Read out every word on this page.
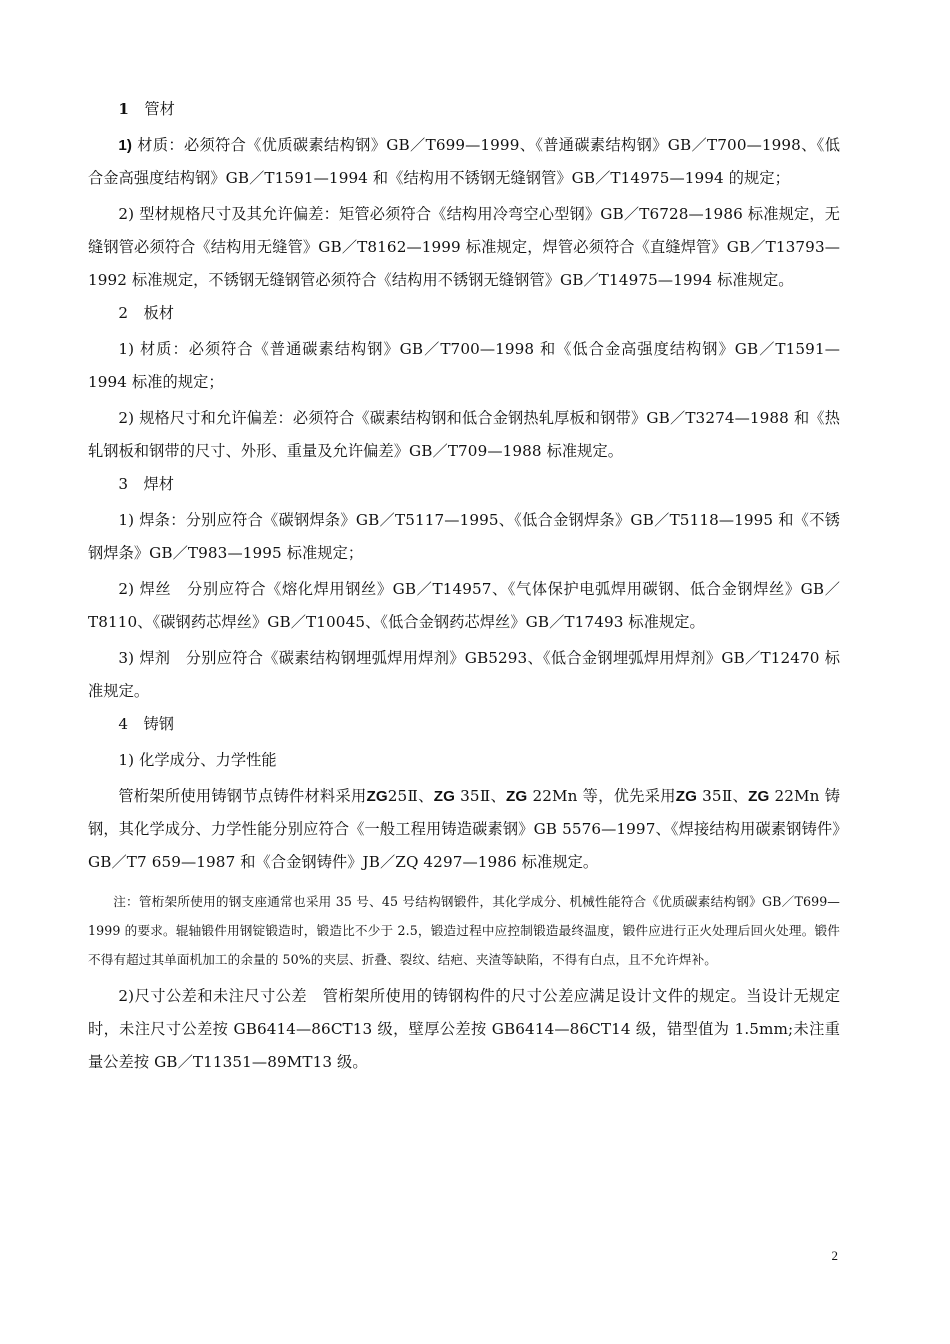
1　 管材

1) 材质：必须符合《优质碳素结构钢》GB／T699—1999、《普通碳素结构钢》GB／T700—1998、《低合金高强度结构钢》GB／T1591—1994 和《结构用不锈钢无缝钢管》GB／T14975—1994 的规定；

2) 型材规格尺寸及其允许偏差：矩管必须符合《结构用冷弯空心型钢》GB／T6728—1986 标准规定，无缝钢管必须符合《结构用无缝管》GB／T8162—1999 标准规定，焊管必须符合《直缝焊管》GB／T13793—1992 标准规定，不锈钢无缝钢管必须符合《结构用不锈钢无缝钢管》GB／T14975—1994 标准规定。

2　板材

1) 材质：必须符合《普通碳素结构钢》GB／T700—1998 和《低合金高强度结构钢》GB／T1591—1994 标准的规定；

2) 规格尺寸和允许偏差：必须符合《碳素结构钢和低合金钢热轧厚板和钢带》GB／T3274—1988 和《热轧钢板和钢带的尺寸、外形、重量及允许偏差》GB／T709—1988 标准规定。

3　焊材

1) 焊条：分别应符合《碳钢焊条》GB／T5117—1995、《低合金钢焊条》GB／T5118—1995 和《不锈钢焊条》GB／T983—1995 标准规定；

2) 焊丝　分别应符合《熔化焊用钢丝》GB／T14957、《气体保护电弧焊用碳钢、低合金钢焊丝》GB／T8110、《碳钢药芯焊丝》GB／T10045、《低合金钢药芯焊丝》GB／T17493 标准规定。

3) 焊剂　分别应符合《碳素结构钢埋弧焊用焊剂》GB5293、《低合金钢埋弧焊用焊剂》GB／T12470 标准规定。

4　铸钢

1) 化学成分、力学性能

管桁架所使用铸钢节点铸件材料采用ZG25Ⅱ、ZG 35Ⅱ、ZG 22Mn 等，优先采用ZG 35Ⅱ、ZG 22Mn 铸钢，其化学成分、力学性能分别应符合《一般工程用铸造碳素钢》GB 5576—1997、《焊接结构用碳素钢铸件》GB／T7 659—1987 和《合金钢铸件》JB／ZQ 4297—1986 标准规定。

注：管桁架所使用的钢支座通常也采用 35 号、45 号结构钢锻件，其化学成分、机械性能符合《优质碳素结构钢》GB／T699—1999 的要求。辊轴锻件用钢锭锻造时，锻造比不少于 2.5，锻造过程中应控制锻造最终温度，锻件应进行正火处理后回火处理。锻件不得有超过其单面机加工的余量的 50%的夹层、折叠、裂纹、结疤、夹渣等缺陷，不得有白点，且不允许焊补。

2)尺寸公差和未注尺寸公差　管桁架所使用的铸钢构件的尺寸公差应满足设计文件的规定。当设计无规定时，未注尺寸公差按 GB6414—86CT13 级，壁厚公差按 GB6414—86CT14 级，错型值为 1.5mm;未注重量公差按 GB／T11351—89MT13 级。

2
